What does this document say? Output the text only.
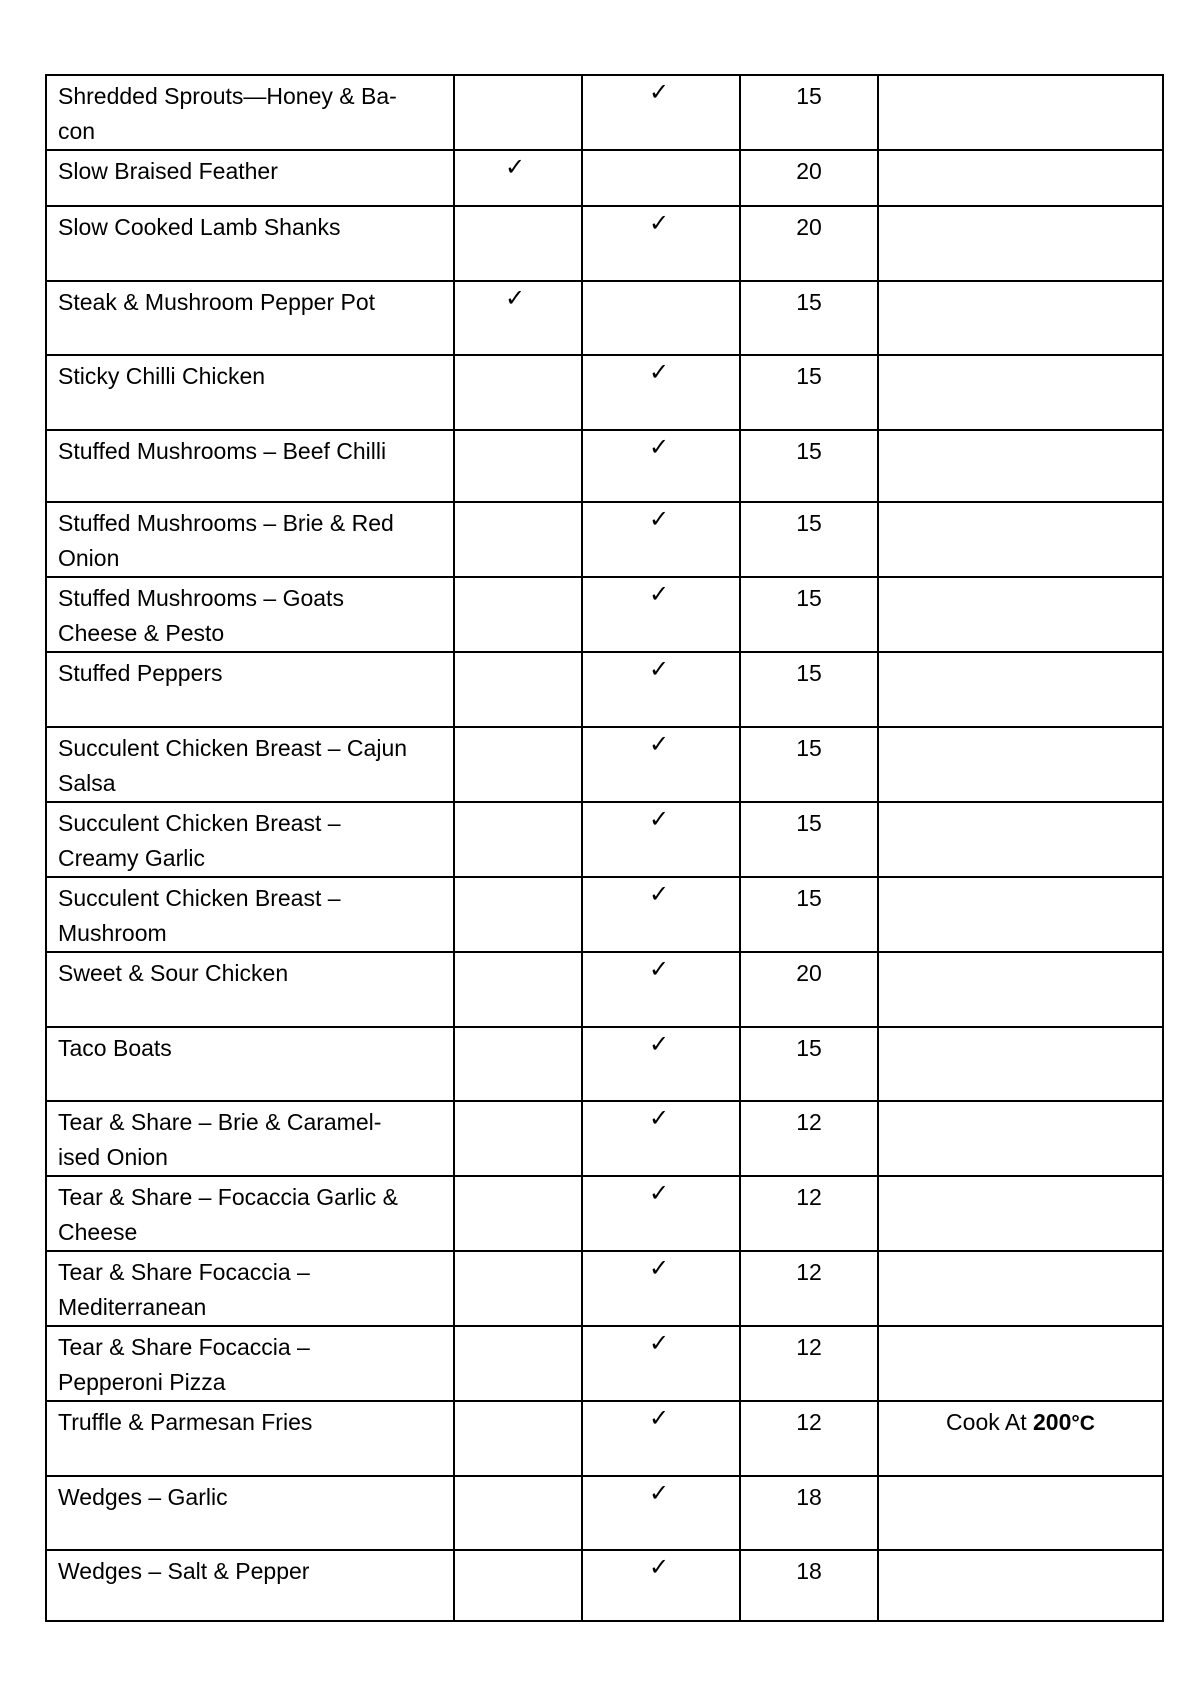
Shredded Sprouts—Honey & Ba-
con		✓	15	
Slow Braised Feather	✓		20	
Slow Cooked Lamb Shanks		✓	20	
Steak & Mushroom Pepper Pot	✓		15	
Sticky Chilli Chicken		✓	15	
Stuffed Mushrooms – Beef Chilli		✓	15	
Stuffed Mushrooms – Brie & Red
Onion		✓	15	
Stuffed Mushrooms – Goats
Cheese & Pesto		✓	15	
Stuffed Peppers		✓	15	
Succulent Chicken Breast – Cajun
Salsa		✓	15	
Succulent Chicken Breast –
Creamy Garlic		✓	15	
Succulent Chicken Breast –
Mushroom		✓	15	
Sweet & Sour Chicken		✓	20	
Taco Boats		✓	15	
Tear & Share – Brie & Caramel-
ised Onion		✓	12	
Tear & Share – Focaccia Garlic &
Cheese		✓	12	
Tear & Share Focaccia –
Mediterranean		✓	12	
Tear & Share Focaccia –
Pepperoni Pizza		✓	12	
Truffle & Parmesan Fries		✓	12	Cook At 200°C
Wedges – Garlic		✓	18	
Wedges – Salt & Pepper		✓	18	
